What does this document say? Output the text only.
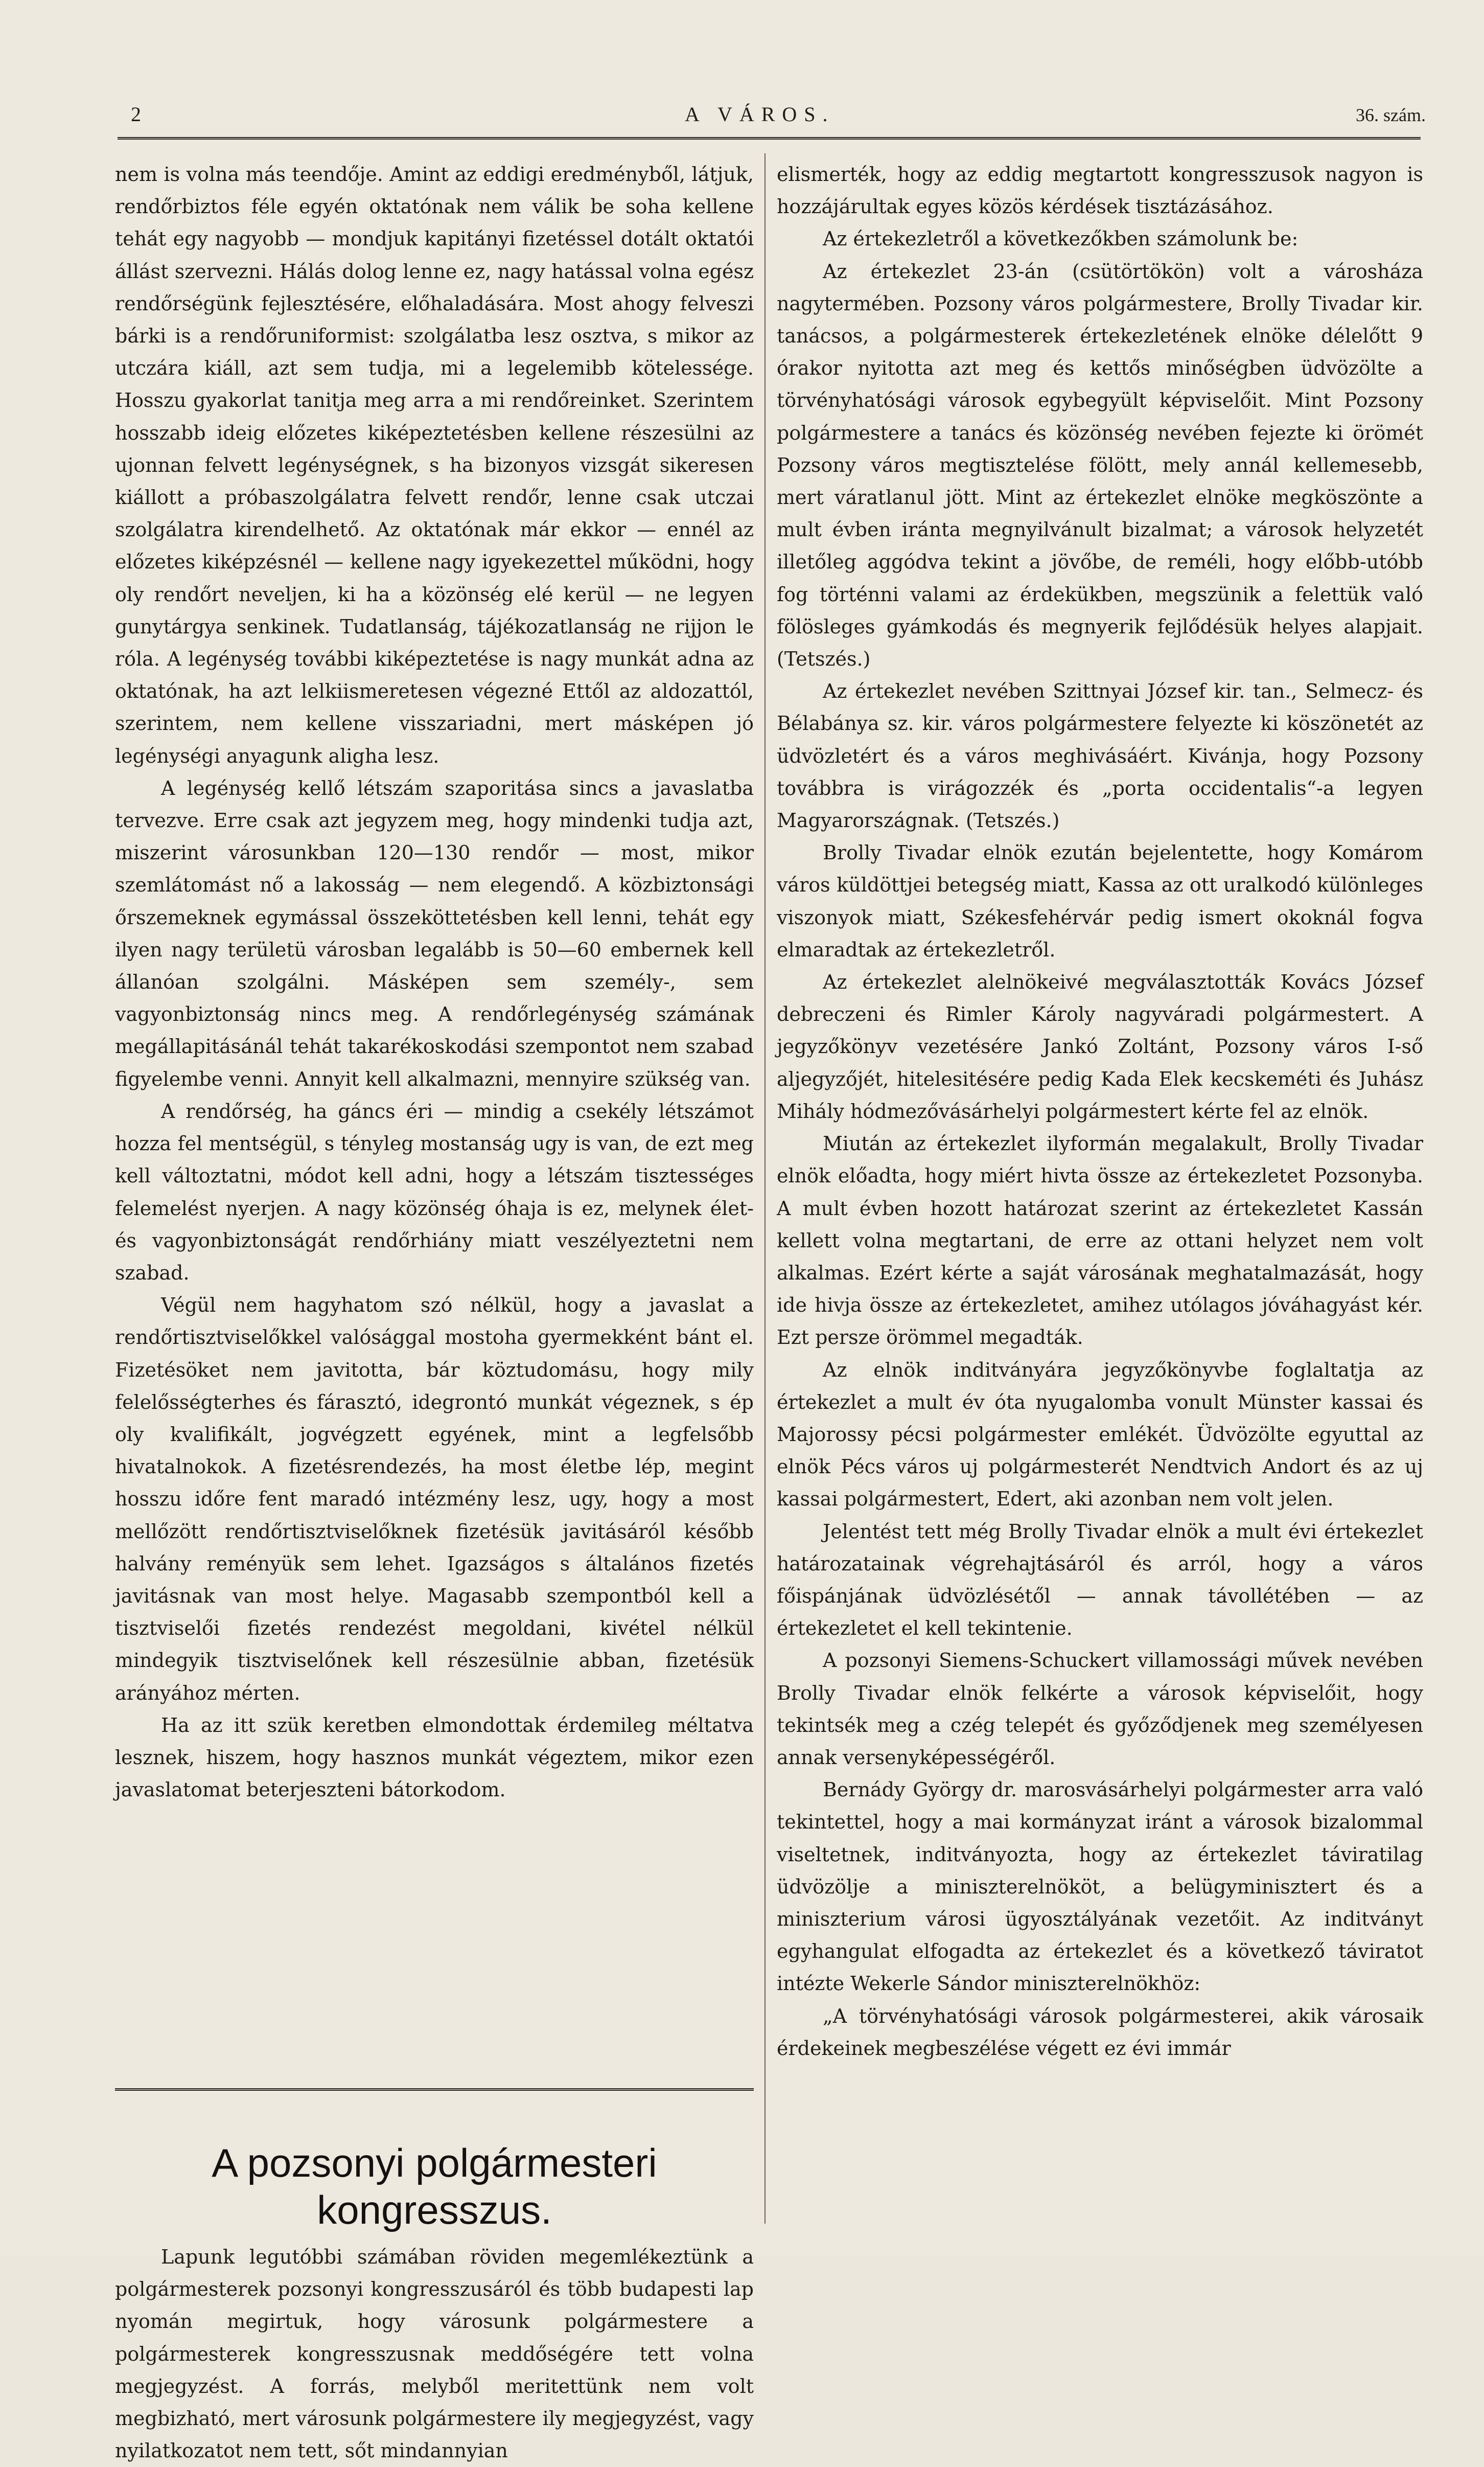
2	A VÁROS.	36. szám.

nem is volna más teendője. Amint az eddigi eredményből, látjuk, rendőrbiztos féle egyén oktatónak nem válik be soha kellene tehát egy nagyobb — mondjuk kapitányi fizetéssel dotált oktatói állást szervezni. Hálás dolog lenne ez, nagy hatással volna egész rendőrségünk fejlesztésére, előhaladására. Most ahogy felveszi bárki is a rendőruniformist: szolgálatba lesz osztva, s mikor az utczára kiáll, azt sem tudja, mi a legelemibb kötelessége. Hosszu gyakorlat tanitja meg arra a mi rendőreinket. Szerintem hosszabb ideig előzetes kiképeztetésben kellene részesülni az ujonnan felvett legénységnek, s ha bizonyos vizsgát sikeresen kiállott a próbaszolgálatra felvett rendőr, lenne csak utczai szolgálatra kirendelhető. Az oktatónak már ekkor — ennél az előzetes kiképzésnél — kellene nagy igyekezettel működni, hogy oly rendőrt neveljen, ki ha a közönség elé kerül — ne legyen gunytárgya senkinek. Tudatlanság, tájékozatlanság ne rijjon le róla. A legénység további kiképeztetése is nagy munkát adna az oktatónak, ha azt lelkiismeretesen végezné Ettől az aldozattól, szerintem, nem kellene visszariadni, mert másképen jó legénységi anyagunk aligha lesz.

A legénység kellő létszám szaporitása sincs a javaslatba tervezve. Erre csak azt jegyzem meg, hogy mindenki tudja azt, miszerint városunkban 120—130 rendőr — most, mikor szemlátomást nő a lakosság — nem elegendő. A közbiztonsági őrszemeknek egymással összeköttetésben kell lenni, tehát egy ilyen nagy területü városban legalább is 50—60 embernek kell állanóan szolgálni. Másképen sem személy-, sem vagyonbiztonság nincs meg. A rendőrlegénység számának megállapitásánál tehát takarékoskodási szempontot nem szabad figyelembe venni. Annyit kell alkalmazni, mennyire szükség van.

A rendőrség, ha gáncs éri — mindig a csekély létszámot hozza fel mentségül, s tényleg mostanság ugy is van, de ezt meg kell változtatni, módot kell adni, hogy a létszám tisztességes felemelést nyerjen. A nagy közönség óhaja is ez, melynek élet- és vagyonbiztonságát rendőrhiány miatt veszélyeztetni nem szabad.

Végül nem hagyhatom szó nélkül, hogy a javaslat a rendőrtisztviselőkkel valósággal mostoha gyermekként bánt el. Fizetésöket nem javitotta, bár köztudomásu, hogy mily felelősségterhes és fárasztó, idegrontó munkát végeznek, s ép oly kvalifikált, jogvégzett egyének, mint a legfelsőbb hivatalnokok. A fizetésrendezés, ha most életbe lép, megint hosszu időre fent maradó intézmény lesz, ugy, hogy a most mellőzött rendőrtisztviselőknek fizetésük javitásáról később halvány reményük sem lehet. Igazságos s általános fizetés javitásnak van most helye. Magasabb szempontból kell a tisztviselői fizetés rendezést megoldani, kivétel nélkül mindegyik tisztviselőnek kell részesülnie abban, fizetésük arányához mérten.

Ha az itt szük keretben elmondottak érdemileg méltatva lesznek, hiszem, hogy hasznos munkát végeztem, mikor ezen javaslatomat beterjeszteni bátorkodom.

A pozsonyi polgármesteri kongresszus.

Lapunk legutóbbi számában röviden megemlékeztünk a polgármesterek pozsonyi kongresszusáról és több budapesti lap nyomán megirtuk, hogy városunk polgármestere a polgármesterek kongresszusnak meddőségére tett volna megjegyzést. A forrás, melyből meritettünk nem volt megbizható, mert városunk polgármestere ily megjegyzést, vagy nyilatkozatot nem tett, sőt mindannyian

elismerték, hogy az eddig megtartott kongresszusok nagyon is hozzájárultak egyes közös kérdések tisztázásához.

Az értekezletről a következőkben számolunk be:

Az értekezlet 23-án (csütörtökön) volt a városháza nagytermében. Pozsony város polgármestere, Brolly Tivadar kir. tanácsos, a polgármesterek értekezletének elnöke délelőtt 9 órakor nyitotta azt meg és kettős minőségben üdvözölte a törvényhatósági városok egybegyült képviselőit. Mint Pozsony polgármestere a tanács és közönség nevében fejezte ki örömét Pozsony város megtisztelése fölött, mely annál kellemesebb, mert váratlanul jött. Mint az értekezlet elnöke megköszönte a mult évben iránta megnyilvánult bizalmat; a városok helyzetét illetőleg aggódva tekint a jövőbe, de reméli, hogy előbb-utóbb fog történni valami az érdekükben, megszünik a felettük való fölösleges gyámkodás és megnyerik fejlődésük helyes alapjait. (Tetszés.)

Az értekezlet nevében Szittnyai József kir. tan., Selmecz- és Bélabánya sz. kir. város polgármestere felyezte ki köszönetét az üdvözletért és a város meghivásáért. Kivánja, hogy Pozsony továbbra is virágozzék és „porta occidentalis“-a legyen Magyarországnak. (Tetszés.)

Brolly Tivadar elnök ezután bejelentette, hogy Komárom város küldöttjei betegség miatt, Kassa az ott uralkodó különleges viszonyok miatt, Székesfehérvár pedig ismert okoknál fogva elmaradtak az értekezletről.

Az értekezlet alelnökeivé megválasztották Kovács József debreczeni és Rimler Károly nagyváradi polgármestert. A jegyzőkönyv vezetésére Jankó Zoltánt, Pozsony város I-ső aljegyzőjét, hitelesitésére pedig Kada Elek kecskeméti és Juhász Mihály hódmezővásárhelyi polgármestert kérte fel az elnök.

Miután az értekezlet ilyformán megalakult, Brolly Tivadar elnök előadta, hogy miért hivta össze az értekezletet Pozsonyba. A mult évben hozott határozat szerint az értekezletet Kassán kellett volna megtartani, de erre az ottani helyzet nem volt alkalmas. Ezért kérte a saját városának meghatalmazását, hogy ide hivja össze az értekezletet, amihez utólagos jóváhagyást kér. Ezt persze örömmel megadták.

Az elnök inditványára jegyzőkönyvbe foglaltatja az értekezlet a mult év óta nyugalomba vonult Münster kassai és Majorossy pécsi polgármester emlékét. Üdvözölte egyuttal az elnök Pécs város uj polgármesterét Nendtvich Andort és az uj kassai polgármestert, Edert, aki azonban nem volt jelen.

Jelentést tett még Brolly Tivadar elnök a mult évi értekezlet határozatainak végrehajtásáról és arról, hogy a város főispánjának üdvözlésétől — annak távollétében — az értekezletet el kell tekintenie.

A pozsonyi Siemens-Schuckert villamossági művek nevében Brolly Tivadar elnök felkérte a városok képviselőit, hogy tekintsék meg a czég telepét és győződjenek meg személyesen annak versenyképességéről.

Bernády György dr. marosvásárhelyi polgármester arra való tekintettel, hogy a mai kormányzat iránt a városok bizalommal viseltetnek, inditványozta, hogy az értekezlet táviratilag üdvözölje a miniszterelnököt, a belügyminisztert és a miniszterium városi ügyosztályának vezetőit. Az inditványt egyhangulat elfogadta az értekezlet és a következő táviratot intézte Wekerle Sándor miniszterelnökhöz:

„A törvényhatósági városok polgármesterei, akik városaik érdekeinek megbeszélése végett ez évi immár
